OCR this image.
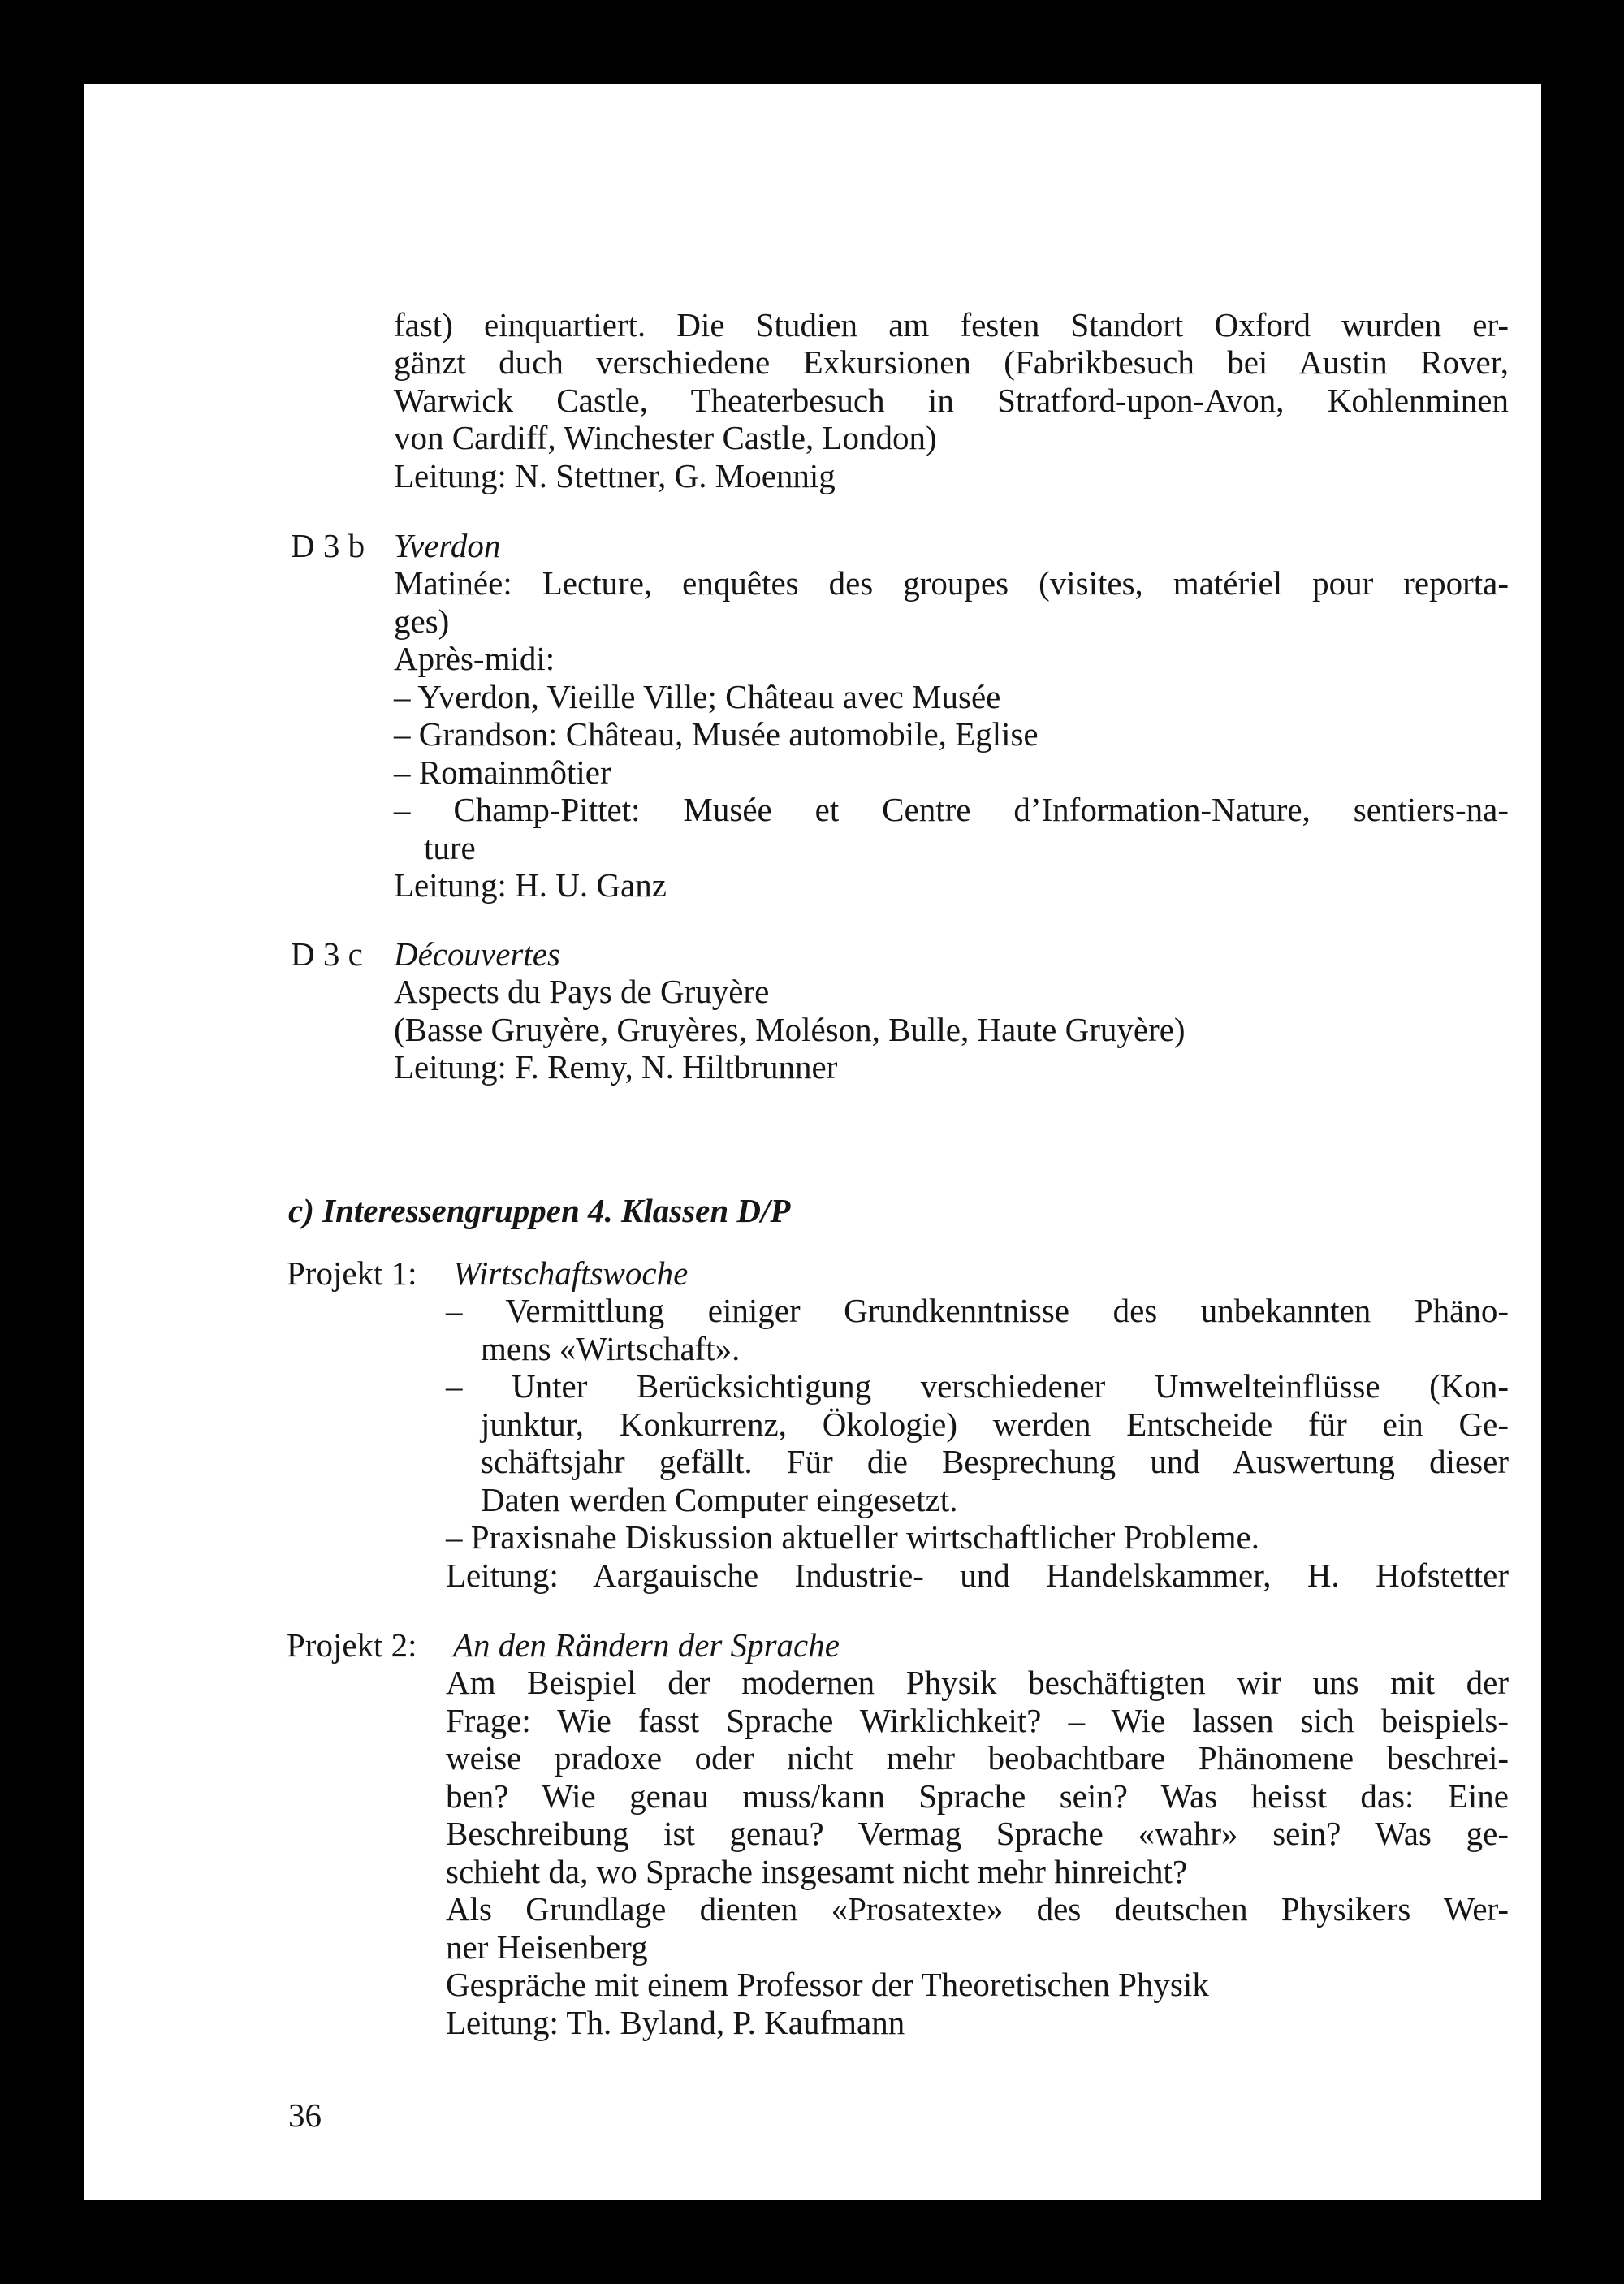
fast) einquartiert. Die Studien am festen Standort Oxford wurden er-
gänzt duch verschiedene Exkursionen (Fabrikbesuch bei Austin Rover,
Warwick Castle, Theaterbesuch in Stratford-upon-Avon, Kohlenminen
von Cardiff, Winchester Castle, London)
Leitung: N. Stettner, G. Moennig
D 3 b Yverdon
Matinée: Lecture, enquêtes des groupes (visites, matériel pour reporta-
ges)
Après-midi:
– Yverdon, Vieille Ville; Château avec Musée
– Grandson: Château, Musée automobile, Eglise
– Romainmôtier
– Champ-Pittet: Musée et Centre d’Information-Nature, sentiers-na-
ture
Leitung: H. U. Ganz
D 3 c Découvertes
Aspects du Pays de Gruyère
(Basse Gruyère, Gruyères, Moléson, Bulle, Haute Gruyère)
Leitung: F. Remy, N. Hiltbrunner
c) Interessengruppen 4. Klassen D/P
Projekt 1: Wirtschaftswoche
– Vermittlung einiger Grundkenntnisse des unbekannten Phäno-
mens «Wirtschaft».
– Unter Berücksichtigung verschiedener Umwelteinflüsse (Kon-
junktur, Konkurrenz, Ökologie) werden Entscheide für ein Ge-
schäftsjahr gefällt. Für die Besprechung und Auswertung dieser
Daten werden Computer eingesetzt.
– Praxisnahe Diskussion aktueller wirtschaftlicher Probleme.
Leitung: Aargauische Industrie- und Handelskammer, H. Hofstetter
Projekt 2: An den Rändern der Sprache
Am Beispiel der modernen Physik beschäftigten wir uns mit der
Frage: Wie fasst Sprache Wirklichkeit? – Wie lassen sich beispiels-
weise pradoxe oder nicht mehr beobachtbare Phänomene beschrei-
ben? Wie genau muss/kann Sprache sein? Was heisst das: Eine
Beschreibung ist genau? Vermag Sprache «wahr» sein? Was ge-
schieht da, wo Sprache insgesamt nicht mehr hinreicht?
Als Grundlage dienten «Prosatexte» des deutschen Physikers Wer-
ner Heisenberg
Gespräche mit einem Professor der Theoretischen Physik
Leitung: Th. Byland, P. Kaufmann
36
